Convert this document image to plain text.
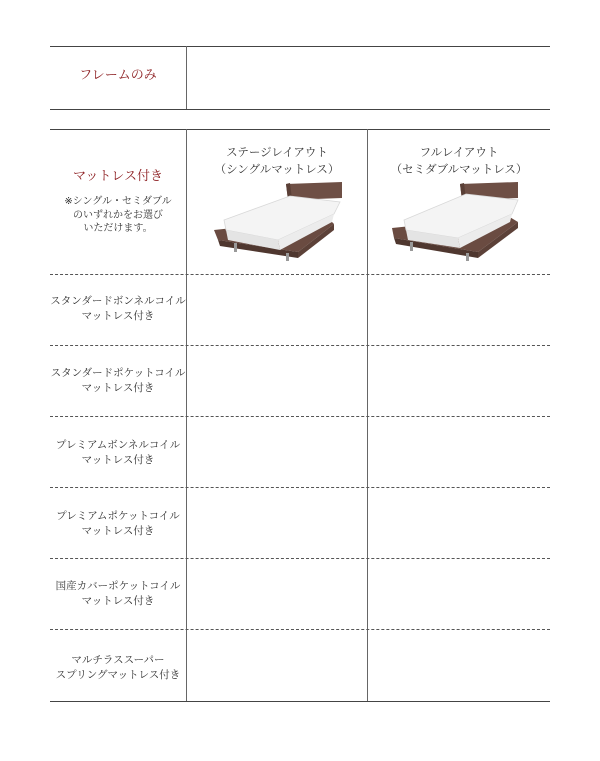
フレームのみ
マットレス付き
※シングル・セミダブル
のいずれかをお選び
いただけます。
ステージレイアウト
（シングルマットレス）
フルレイアウト
（セミダブルマットレス）
スタンダードボンネルコイル
マットレス付き
スタンダードポケットコイル
マットレス付き
プレミアムボンネルコイル
マットレス付き
プレミアムポケットコイル
マットレス付き
国産カバーポケットコイル
マットレス付き
マルチラススーパー
スプリングマットレス付き
